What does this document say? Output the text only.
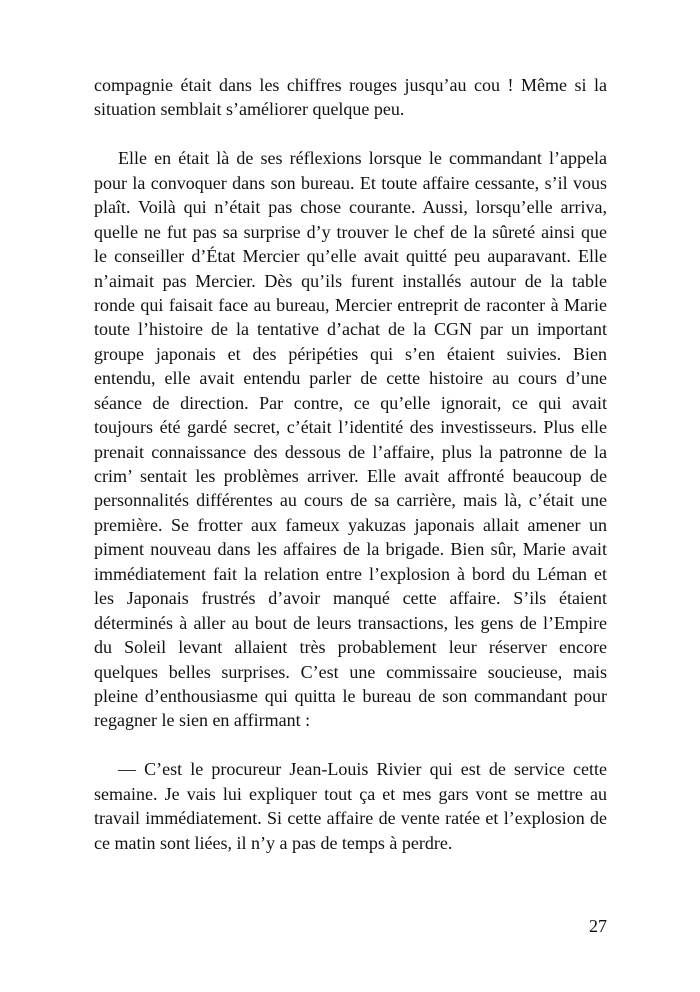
compagnie était dans les chiffres rouges jusqu’au cou ! Même si la
situation semblait s’améliorer quelque peu.
Elle en était là de ses réflexions lorsque le commandant l’appela
pour la convoquer dans son bureau. Et toute affaire cessante, s’il vous
plaît. Voilà qui n’était pas chose courante. Aussi, lorsqu’elle arriva,
quelle ne fut pas sa surprise d’y trouver le chef de la sûreté ainsi que
le conseiller d’État Mercier qu’elle avait quitté peu auparavant. Elle
n’aimait pas Mercier. Dès qu’ils furent installés autour de la table
ronde qui faisait face au bureau, Mercier entreprit de raconter à Marie
toute l’histoire de la tentative d’achat de la CGN par un important
groupe japonais et des péripéties qui s’en étaient suivies. Bien
entendu, elle avait entendu parler de cette histoire au cours d’une
séance de direction. Par contre, ce qu’elle ignorait, ce qui avait
toujours été gardé secret, c’était l’identité des investisseurs. Plus elle
prenait connaissance des dessous de l’affaire, plus la patronne de la
crim’ sentait les problèmes arriver. Elle avait affronté beaucoup de
personnalités différentes au cours de sa carrière, mais là, c’était une
première. Se frotter aux fameux yakuzas japonais allait amener un
piment nouveau dans les affaires de la brigade. Bien sûr, Marie avait
immédiatement fait la relation entre l’explosion à bord du Léman et
les Japonais frustrés d’avoir manqué cette affaire. S’ils étaient
déterminés à aller au bout de leurs transactions, les gens de l’Empire
du Soleil levant allaient très probablement leur réserver encore
quelques belles surprises. C’est une commissaire soucieuse, mais
pleine d’enthousiasme qui quitta le bureau de son commandant pour
regagner le sien en affirmant :
— C’est le procureur Jean-Louis Rivier qui est de service cette
semaine. Je vais lui expliquer tout ça et mes gars vont se mettre au
travail immédiatement. Si cette affaire de vente ratée et l’explosion de
ce matin sont liées, il n’y a pas de temps à perdre.
27
